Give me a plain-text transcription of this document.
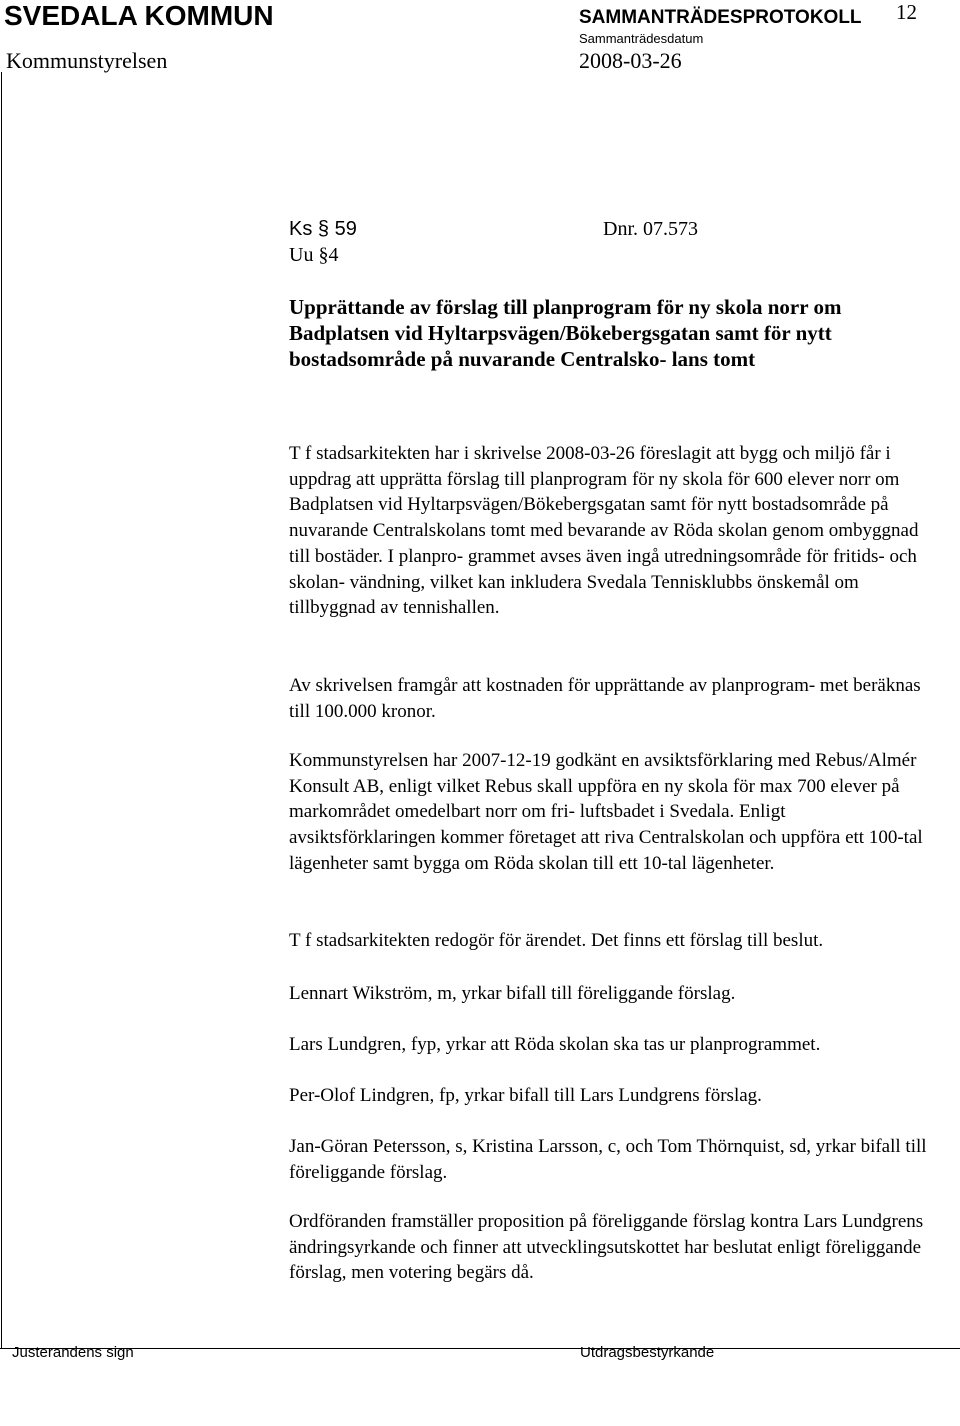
SVEDALA KOMMUN	SAMMANTRÄDESPROTOKOLL 12
Kommunstyrelsen
Sammanträdesdatum
2008-03-26
Ks § 59	Dnr. 07.573
Uu §4
Upprättande av förslag till planprogram för ny skola norr om Badplatsen vid Hyltarpsvägen/Bökebergsgatan samt för nytt bostadsområde på nuvarande Centralsko- lans tomt
T f stadsarkitekten har i skrivelse 2008-03-26 föreslagit att bygg och miljö får i uppdrag att upprätta förslag till planprogram för ny skola för 600 elever norr om Badplatsen vid Hyltarpsvägen/Bökebergsgatan samt för nytt bostadsområde på nuvarande Centralskolans tomt med bevarande av Röda skolan genom ombyggnad till bostäder. I planpro- grammet avses även ingå utredningsområde för fritids- och skolan- vändning, vilket kan inkludera Svedala Tennisklubbs önskemål om tillbyggnad av tennishallen.
Av skrivelsen framgår att kostnaden för upprättande av planprogram- met beräknas till 100.000 kronor.
Kommunstyrelsen har 2007-12-19 godkänt en avsiktsförklaring med Rebus/Almér Konsult AB, enligt vilket Rebus skall uppföra en ny skola för max 700 elever på markområdet omedelbart norr om fri- luftsbadet i Svedala. Enligt avsiktsförklaringen kommer företaget att riva Centralskolan och uppföra ett 100-tal lägenheter samt bygga om Röda skolan till ett 10-tal lägenheter.
T f stadsarkitekten redogör för ärendet. Det finns ett förslag till beslut.
Lennart Wikström, m, yrkar bifall till föreliggande förslag.
Lars Lundgren, fyp, yrkar att Röda skolan ska tas ur planprogrammet.
Per-Olof Lindgren, fp, yrkar bifall till Lars Lundgrens förslag.
Jan-Göran Petersson, s, Kristina Larsson, c, och Tom Thörnquist, sd, yrkar bifall till föreliggande förslag.
Ordföranden framställer proposition på föreliggande förslag kontra Lars Lundgrens ändringsyrkande och finner att utvecklingsutskottet har beslutat enligt föreliggande förslag, men votering begärs då.
Justerandens sign	Utdragsbestyrkande
